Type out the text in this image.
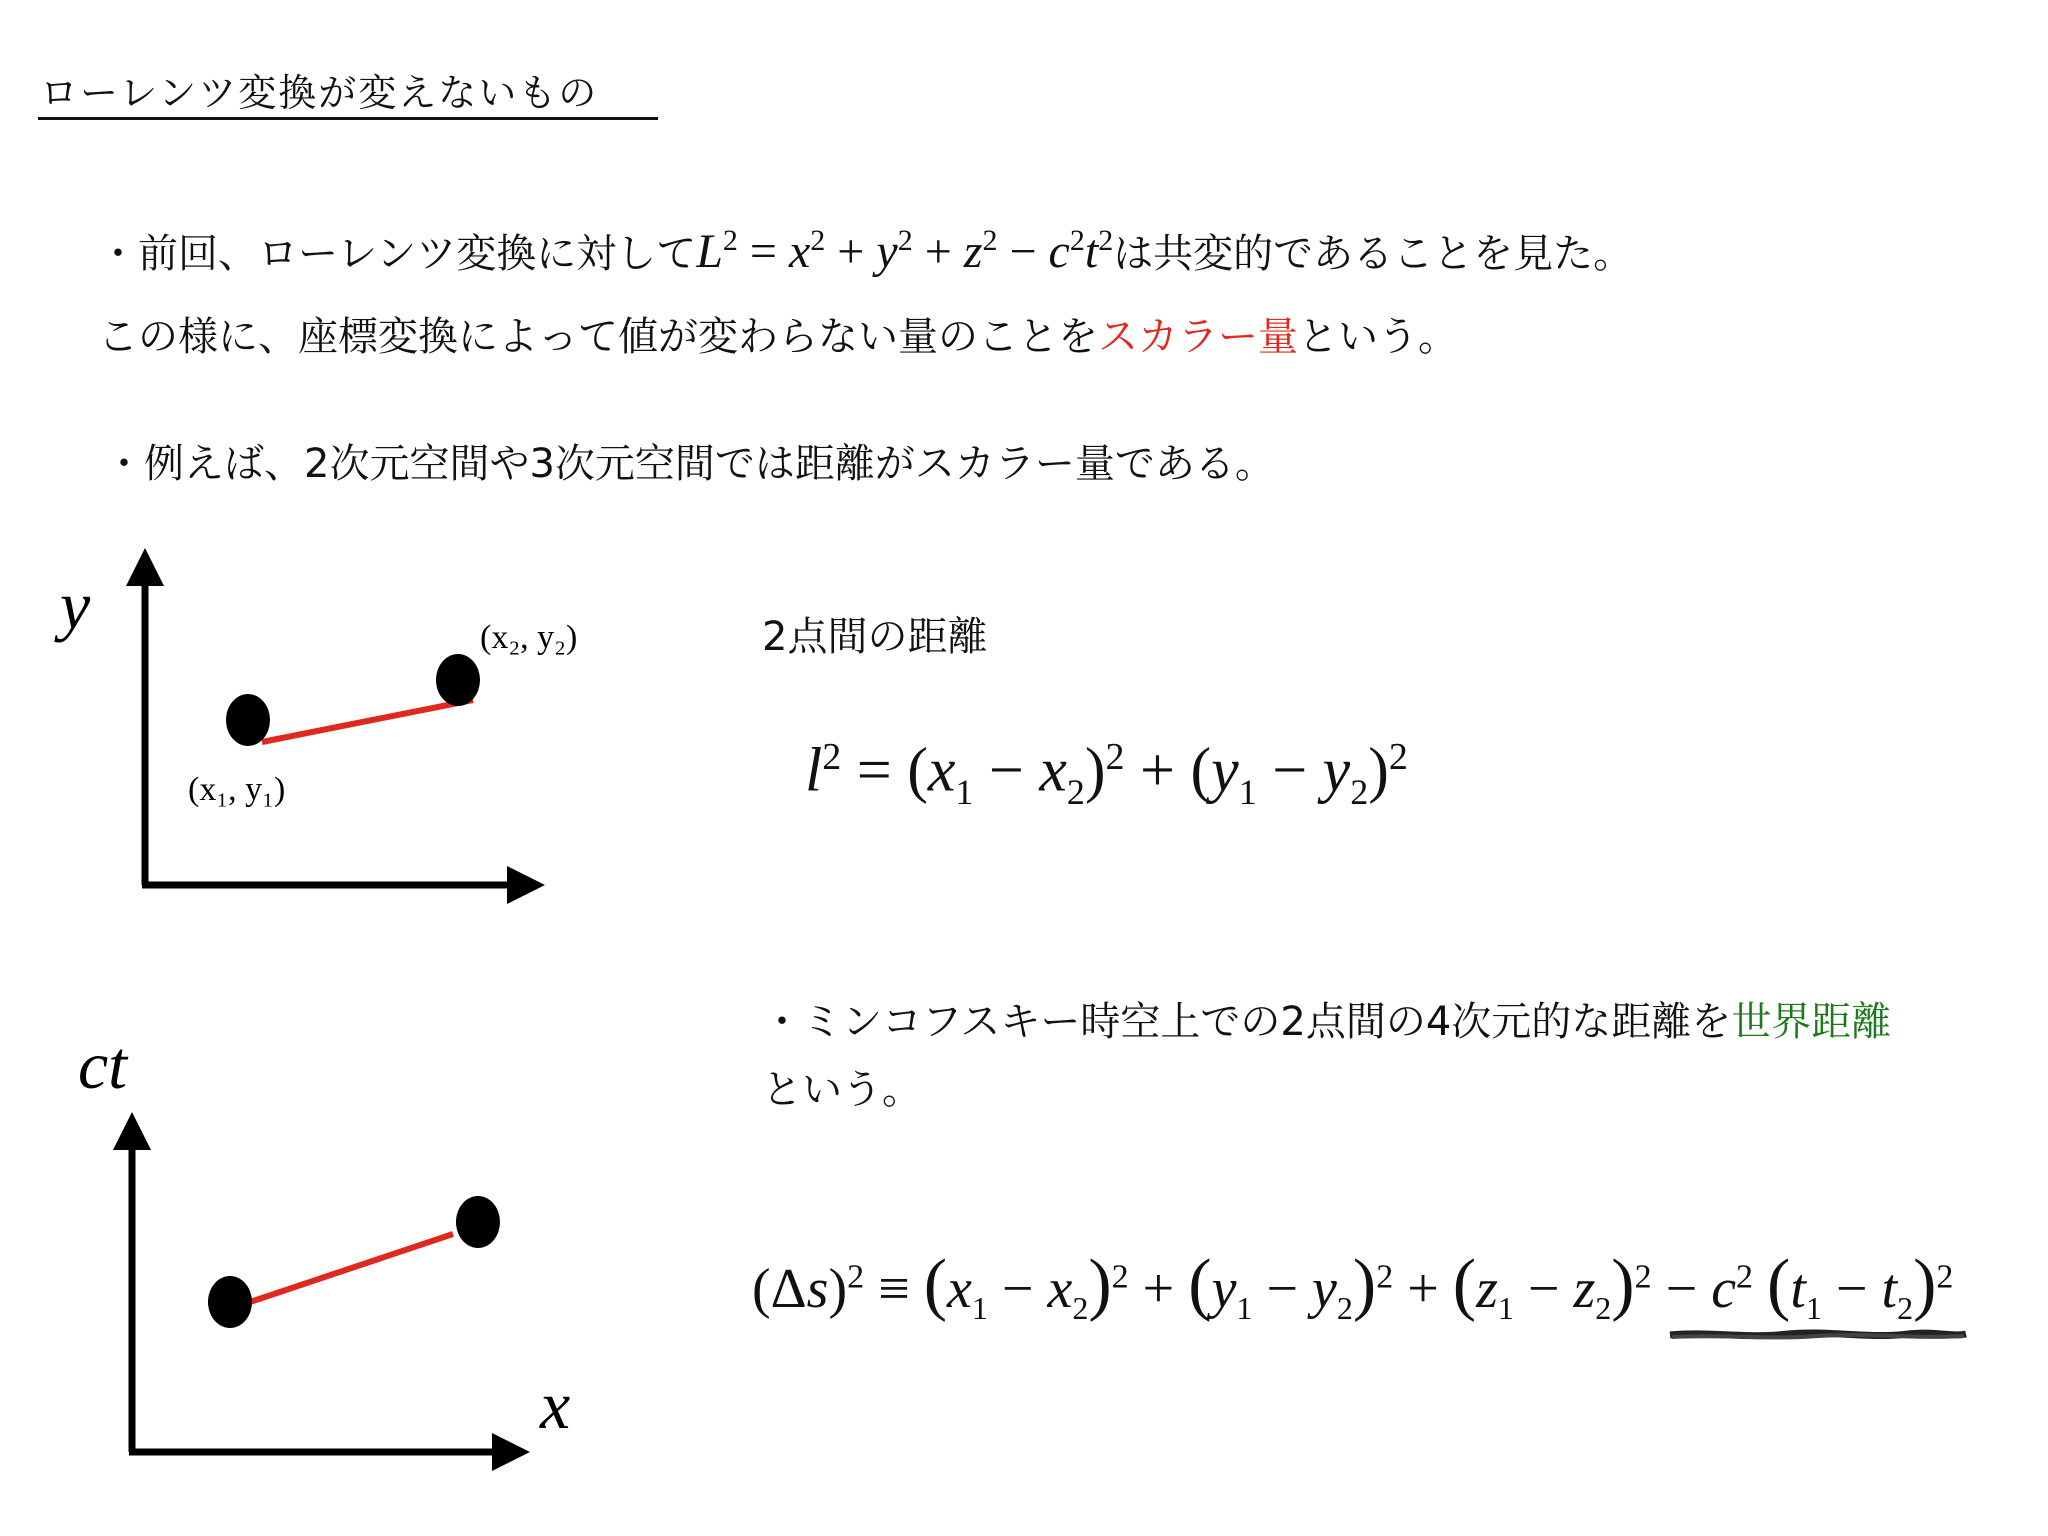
ローレンツ変換が変えないもの
・前回、ローレンツ変換に対して$L^2 = x^2 + y^2 + z^2 - c^2t^2$は共変的であることを見た。
この様に、座標変換によって値が変わらない量のことをスカラー量という。
・例えば、2次元空間や3次元空間では距離がスカラー量である。
y
(x₁, y₁)
(x₂, y₂)	2点間の距離
$l^2 = (x_1 - x_2)^2 + (y_1 - y_2)^2$
・ミンコフスキー時空上での2点間の4次元的な距離を世界距離
という。
ct
x
$(\Delta s)^2 \equiv (x_1 - x_2)^2 + (y_1 - y_2)^2 + (z_1 - z_2)^2 - c^2$ $(t_1 - t_2)^2$
